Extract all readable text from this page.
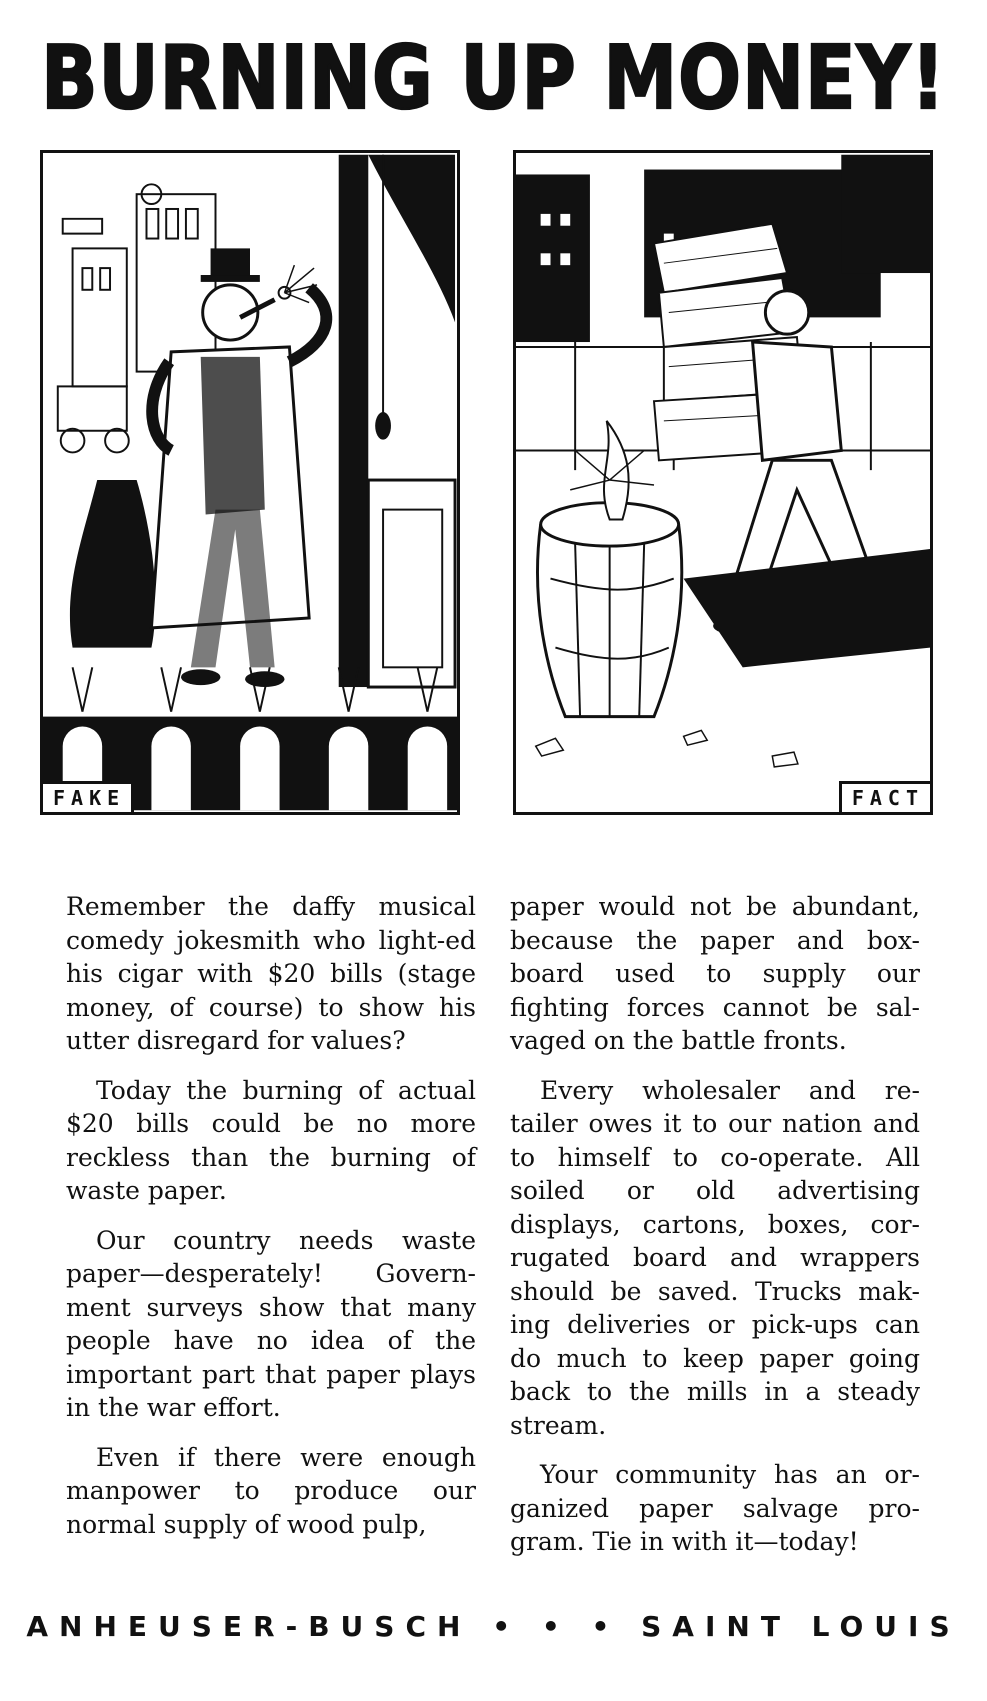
BURNING UP MONEY!
FAKE	FACT

Remember the daffy musical comedy jokesmith who light-ed his cigar with $20 bills (stage money, of course) to show his utter disregard for values?

Today the burning of actual $20 bills could be no more reckless than the burning of waste paper.

Our country needs waste paper—desperately! Govern-ment surveys show that many people have no idea of the important part that paper plays in the war effort.

Even if there were enough manpower to produce our normal supply of wood pulp,

paper would not be abundant, because the paper and box-board used to supply our fighting forces cannot be sal-vaged on the battle fronts.

Every wholesaler and re-tailer owes it to our nation and to himself to co-operate. All soiled or old advertising displays, cartons, boxes, cor-rugated board and wrappers should be saved. Trucks mak-ing deliveries or pick-ups can do much to keep paper going back to the mills in a steady stream.

Your community has an or-ganized paper salvage pro-gram. Tie in with it—today!

ANHEUSER-BUSCH • • • SAINT LOUIS
